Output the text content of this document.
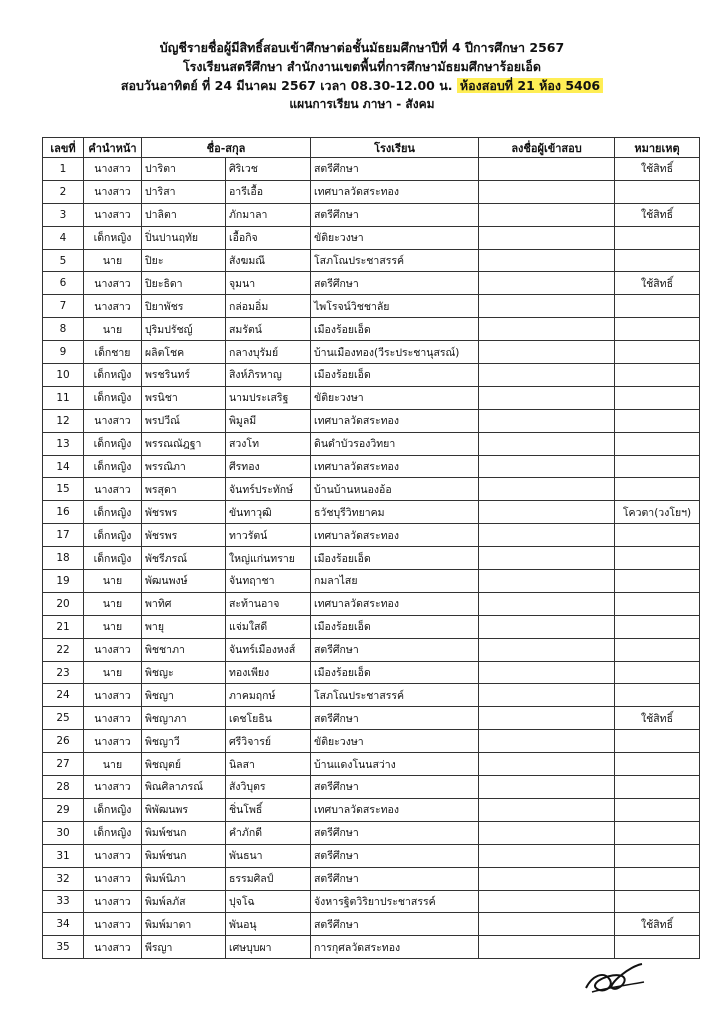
บัญชีรายชื่อผู้มีสิทธิ์สอบเข้าศึกษาต่อชั้นมัธยมศึกษาปีที่ 4 ปีการศึกษา 2567
โรงเรียนสตรีศึกษา สำนักงานเขตพื้นที่การศึกษามัธยมศึกษาร้อยเอ็ด
สอบวันอาทิตย์ ที่ 24 มีนาคม 2567 เวลา 08.30-12.00 น. ห้องสอบที่ 21 ห้อง 5406
แผนการเรียน ภาษา - สังคม
เลขที่	คำนำหน้า	ชื่อ-สกุล		โรงเรียน	ลงชื่อผู้เข้าสอบ	หมายเหตุ
1	นางสาว	ปาริตา	ศิริเวช	สตรีศึกษา		ใช้สิทธิ์
2	นางสาว	ปาริสา	อารีเอื้อ	เทศบาลวัดสระทอง		
3	นางสาว	ปาลิตา	ภักมาลา	สตรีศึกษา		ใช้สิทธิ์
4	เด็กหญิง	ปิ่นปานฤทัย	เอื้อกิจ	ขัติยะวงษา		
5	นาย	ปิยะ	สังฆมณี	โสภโณประชาสรรค์		
6	นางสาว	ปิยะธิดา	จุมนา	สตรีศึกษา		ใช้สิทธิ์
7	นางสาว	ปิยาพัชร	กล่อมอิ่ม	ไพโรจน์วิชชาลัย		
8	นาย	ปุริมปรัชญ์	สมรัตน์	เมืองร้อยเอ็ด		
9	เด็กชาย	ผลิตโชค	กลางบุรัมย์	บ้านเมืองทอง(วีระประชานุสรณ์)		
10	เด็กหญิง	พรชรินทร์	สิงห์ภิรหาญ	เมืองร้อยเอ็ด		
11	เด็กหญิง	พรนิชา	นามประเสริฐ	ขัติยะวงษา		
12	นางสาว	พรปวีณ์	พิมูลมี	เทศบาลวัดสระทอง		
13	เด็กหญิง	พรรณณัฎฐา	สวงโท	ดินดำบัวรองวิทยา		
14	เด็กหญิง	พรรณิภา	ศีรทอง	เทศบาลวัดสระทอง		
15	นางสาว	พรสุดา	จันทร์ประทักษ์	บ้านบ้านหนองอ้อ		
16	เด็กหญิง	พัชรพร	ขันทาวุฒิ	ธวัชบุรีวิทยาคม		โควตา(วงโยฯ)
17	เด็กหญิง	พัชรพร	ทาวรัตน์	เทศบาลวัดสระทอง		
18	เด็กหญิง	พัชรีภรณ์	ใหญ่แก่นทราย	เมืองร้อยเอ็ด		
19	นาย	พัฒนพงษ์	จันทฤาชา	กมลาไสย		
20	นาย	พาทิศ	สะท้านอาจ	เทศบาลวัดสระทอง		
21	นาย	พายุ	แจ่มใสดี	เมืองร้อยเอ็ด		
22	นางสาว	พิชชาภา	จันทร์เมืองหงส์	สตรีศึกษา		
23	นาย	พิชญะ	ทองเพียง	เมืองร้อยเอ็ด		
24	นางสาว	พิชญา	ภาคมฤกษ์	โสภโณประชาสรรค์		
25	นางสาว	พิชญาภา	เดชโยธิน	สตรีศึกษา		ใช้สิทธิ์
26	นางสาว	พิชญาวี	ศรีวิจารย์	ขัติยะวงษา		
27	นาย	พิชญุตย์	นิลสา	บ้านแดงโนนสว่าง		
28	นางสาว	พิณศิลาภรณ์	สังวิบุตร	สตรีศึกษา		
29	เด็กหญิง	พิพัฒนพร	ชิ่นโพธิ์	เทศบาลวัดสระทอง		
30	เด็กหญิง	พิมพ์ชนก	คำภักดี	สตรีศึกษา		
31	นางสาว	พิมพ์ชนก	พันธนา	สตรีศึกษา		
32	นางสาว	พิมพ์นิภา	ธรรมศิลป์	สตรีศึกษา		
33	นางสาว	พิมพ์ลภัส	ปุจโฉ	จังหารฐิตวิริยาประชาสรรค์		
34	นางสาว	พิมพ์มาดา	พันอนุ	สตรีศึกษา		ใช้สิทธิ์
35	นางสาว	พีรญา	เศษบุบผา	การกุศลวัดสระทอง		
